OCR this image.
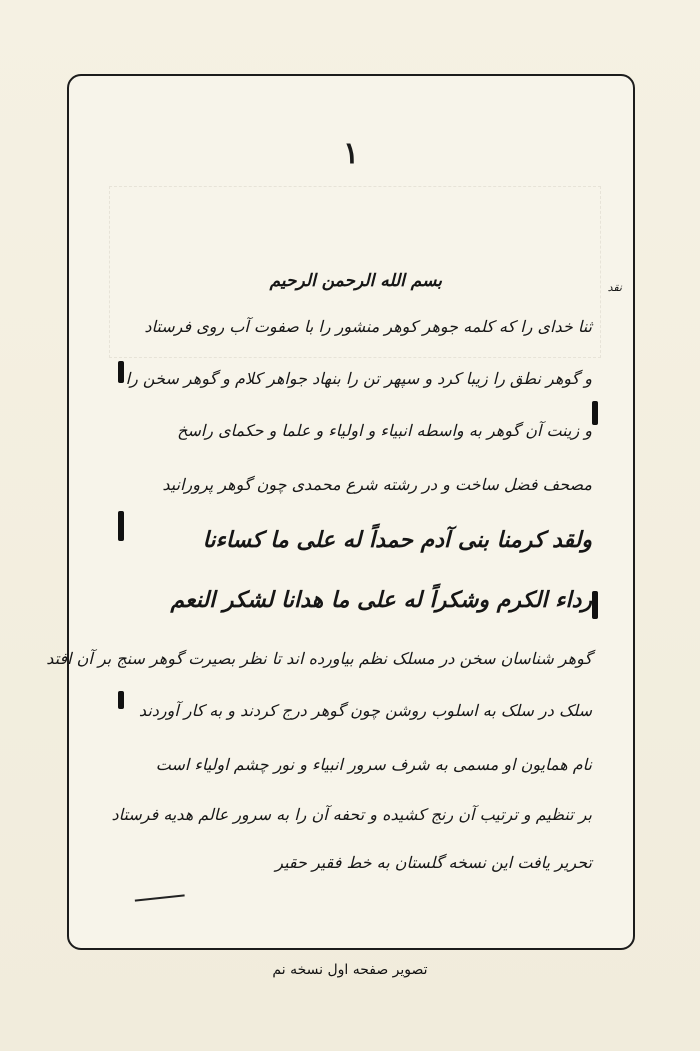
۱
بسم الله الرحمن الرحیم	نقد
ثنا خدای را که کلمه جوهر کوهر منشور را با صفوت آب روی فرستاد
و گوهر نطق را زیبا کرد و سپهر تن را بنهاد جواهر کلام و گوهر سخن را
و زینت آن گوهر به واسطه انبیاء و اولیاء و علما و حکمای راسخ
مصحف فضل ساخت و در رشته شرع محمدی چون گوهر پرورانید
ولقد کرمنا بنی آدم حمداً له علی ما کساءنا
رداء الکرم وشکراً له علی ما هدانا لشکر النعم
گوهر شناسان سخن در مسلک نظم بیاورده اند تا نظر بصیرت گوهر سنج بر آن افتد
سلک در سلک به اسلوب روشن چون گوهر درج کردند و به کار آوردند
نام همایون او مسمی به شرف سرور انبیاء و نور چشم اولیاء است
بر تنظیم و ترتیب آن رنج کشیده و تحفه آن را به سرور عالم هدیه فرستاد
تحریر یافت این نسخه گلستان به خط فقیر حقیر
تصویر صفحه اول نسخه نم
